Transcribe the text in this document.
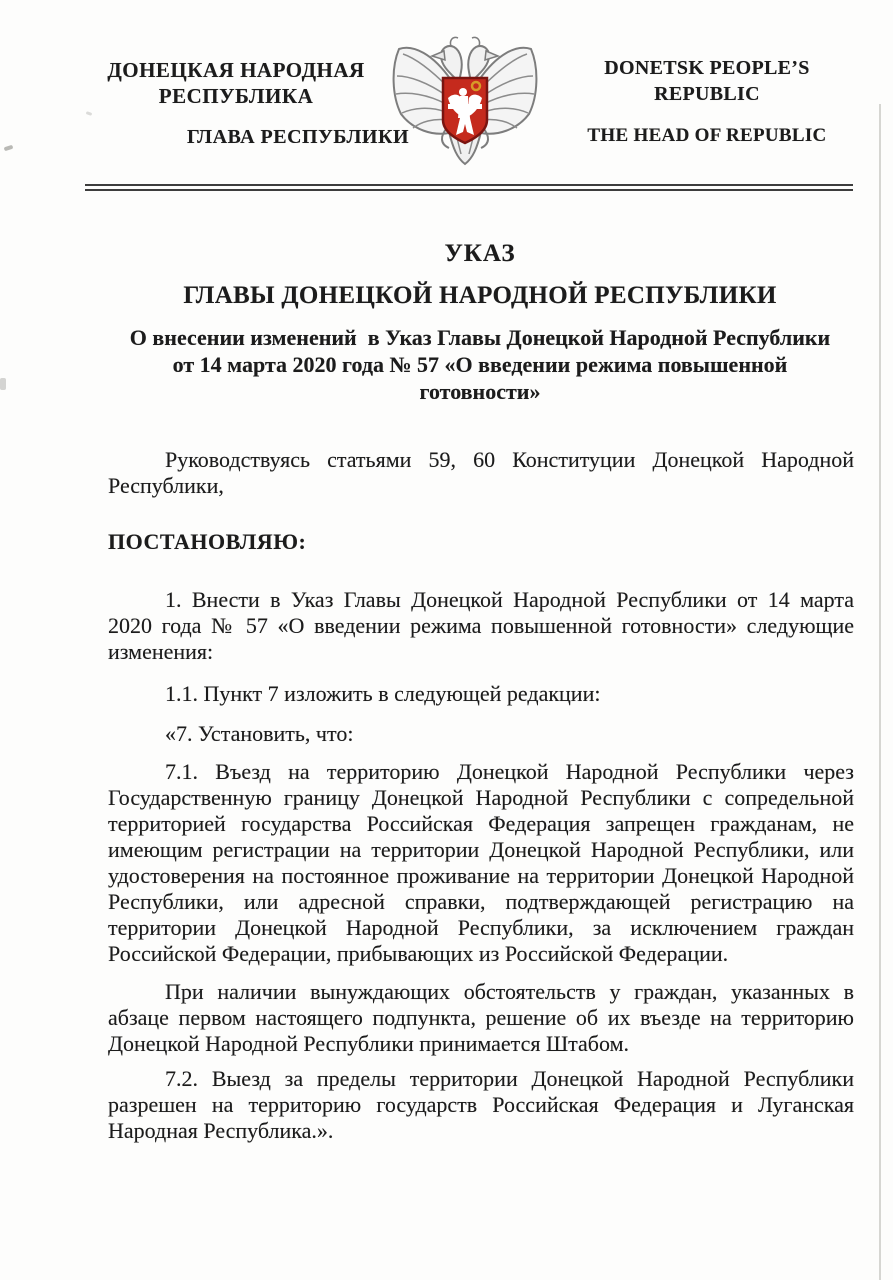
ДОНЕЦКАЯ НАРОДНАЯ
РЕСПУБЛИКА
ГЛАВА РЕСПУБЛИКИ
DONETSK PEOPLE’S
REPUBLIC
THE HEAD OF REPUBLIC
УКАЗ
ГЛАВЫ ДОНЕЦКОЙ НАРОДНОЙ РЕСПУБЛИКИ
О внесении изменений  в Указ Главы Донецкой Народной Республики
от 14 марта 2020 года № 57 «О введении режима повышенной
готовности»

Руководствуясь статьями 59, 60 Конституции Донецкой Народной Республики,

ПОСТАНОВЛЯЮ:

1. Внести в Указ Главы Донецкой Народной Республики от 14 марта 2020 года № 57 «О введении режима повышенной готовности» следующие изменения:

1.1. Пункт 7 изложить в следующей редакции:

«7. Установить, что:

7.1. Въезд на территорию Донецкой Народной Республики через Государственную границу Донецкой Народной Республики с сопредельной территорией государства Российская Федерация запрещен гражданам, не имеющим регистрации на территории Донецкой Народной Республики, или удостоверения на постоянное проживание на территории Донецкой Народной Республики, или адресной справки, подтверждающей регистрацию на территории Донецкой Народной Республики, за исключением граждан Российской Федерации, прибывающих из Российской Федерации.

При наличии вынуждающих обстоятельств у граждан, указанных в абзаце первом настоящего подпункта, решение об их въезде на территорию Донецкой Народной Республики принимается Штабом.

7.2. Выезд за пределы территории Донецкой Народной Республики разрешен на территорию государств Российская Федерация и Луганская Народная Республика.».
